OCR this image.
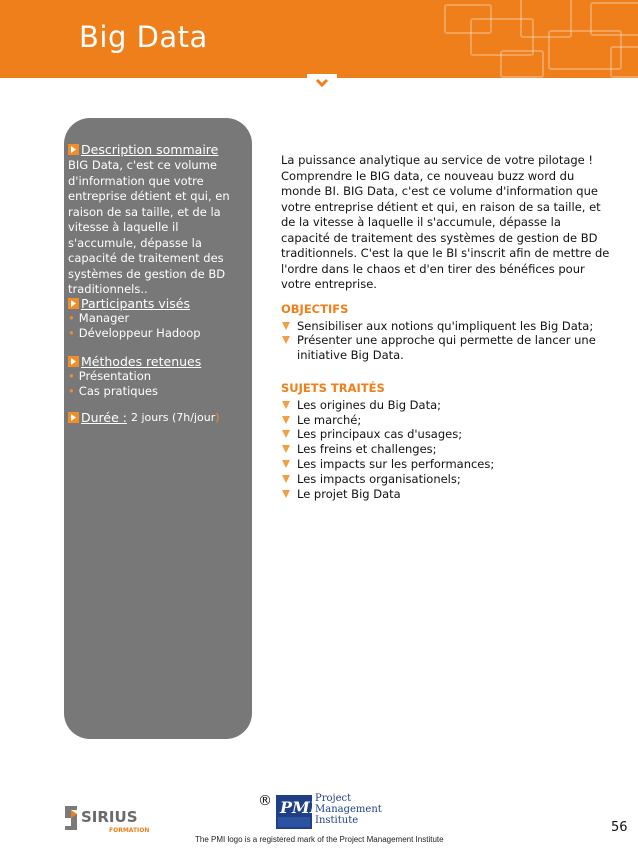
Big Data
Description sommaire
BIG Data, c'est ce volume d'information que votre entreprise détient et qui, en raison de sa taille, et de la vitesse à laquelle il s'accumule, dépasse la capacité de traitement des systèmes de gestion de BD traditionnels..
Participants visés
• Manager
• Développeur Hadoop
Méthodes retenues
• Présentation
• Cas pratiques
Durée : 2 jours (7h/jour )

La puissance analytique au service de votre pilotage ! Comprendre le BIG data, ce nouveau buzz word du monde BI. BIG Data, c'est ce volume d'information que votre entreprise détient et qui, en raison de sa taille, et de la vitesse à laquelle il s'accumule, dépasse la capacité de traitement des systèmes de gestion de BD traditionnels. C'est la que le BI s'inscrit afin de mettre de l'ordre dans le chaos et d'en tirer des bénéfices pour votre entreprise.

OBJECTIFS
Sensibiliser aux notions qu'impliquent les Big Data;
Présenter une approche qui permette de lancer une initiative Big Data.
SUJETS TRAITÉS
Les origines du Big Data;
Le marché;
Les principaux cas d'usages;
Les freins et challenges;
Les impacts sur les performances;
Les impacts organisationels;
Le projet Big Data
SIRIUS
FORMATION
® PMI
Project
Management
Institute
The PMI logo is a registered mark of the Project Management Institute
56
